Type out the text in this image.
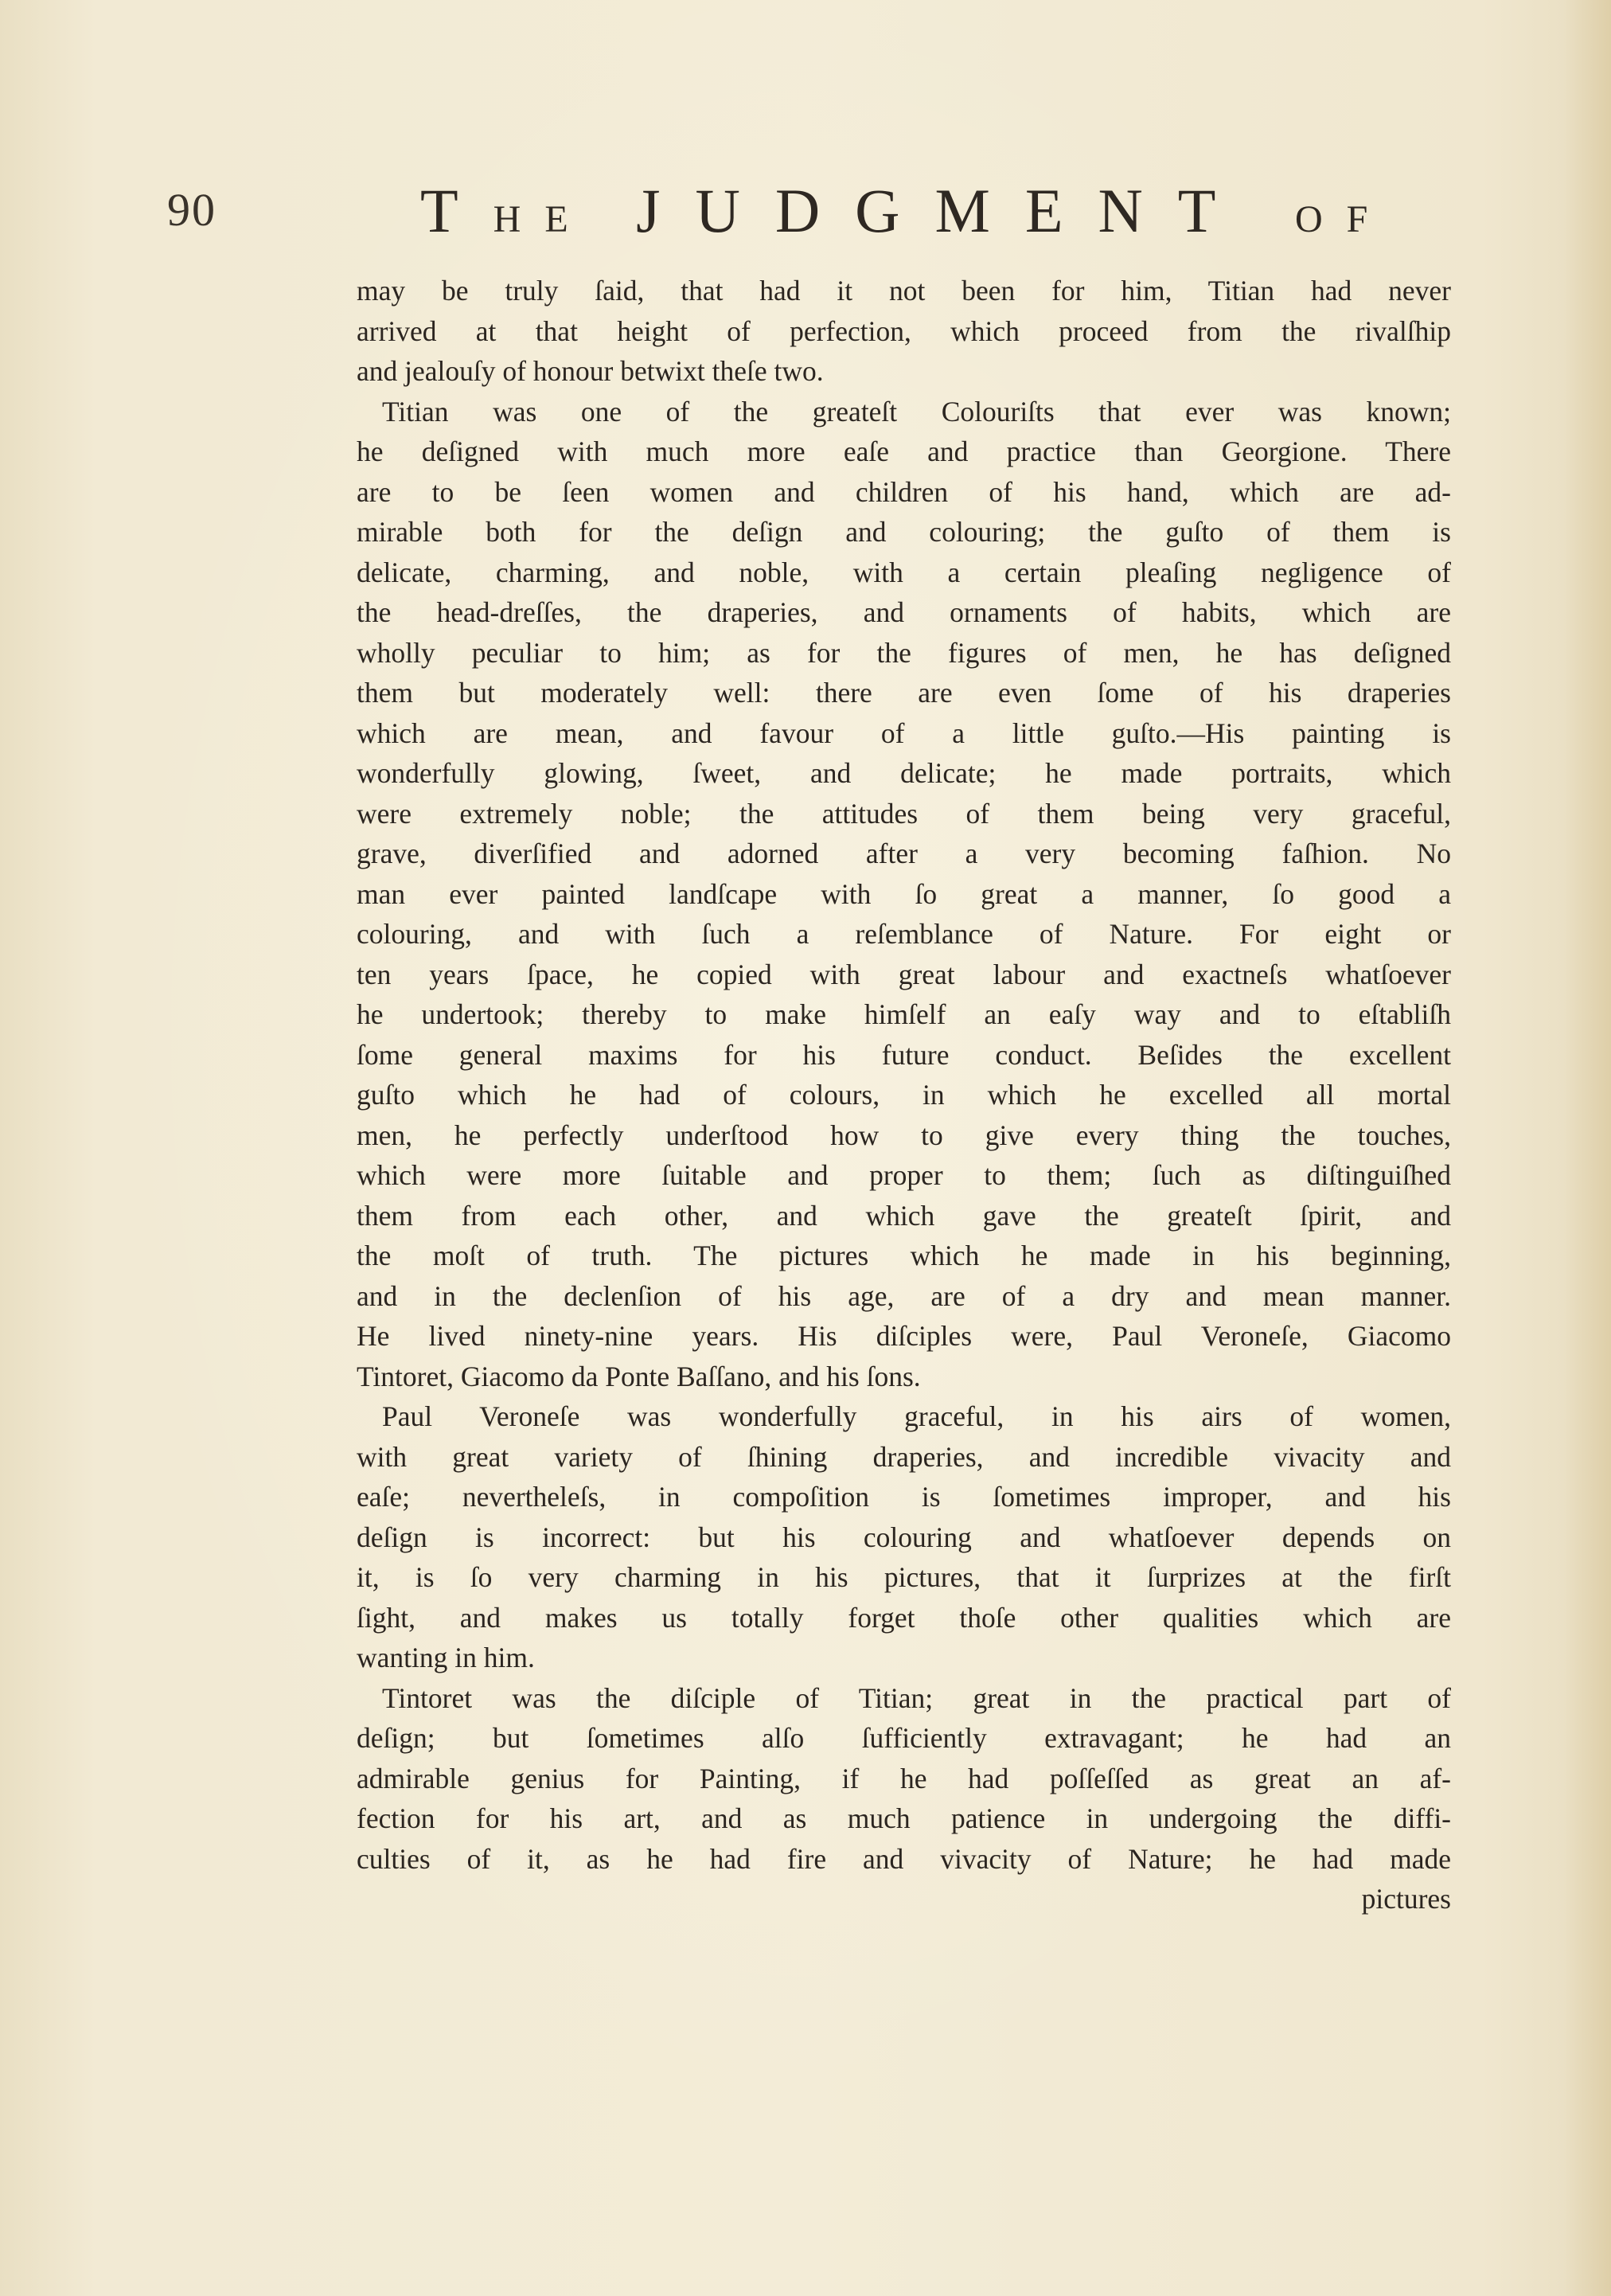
90	THE JUDGMENT OF
may be truly ſaid, that had it not been for him, Titian had never
arrived at that height of perfection, which proceed from the rivalſhip
and jealouſy of honour betwixt theſe two.
Titian was one of the greateſt Colouriſts that ever was known;
he deſigned with much more eaſe and practice than Georgione. There
are to be ſeen women and children of his hand, which are ad-
mirable both for the deſign and colouring; the guſto of them is
delicate, charming, and noble, with a certain pleaſing negligence of
the head-dreſſes, the draperies, and ornaments of habits, which are
wholly peculiar to him; as for the figures of men, he has deſigned
them but moderately well: there are even ſome of his draperies
which are mean, and favour of a little guſto.—His painting is
wonderfully glowing, ſweet, and delicate; he made portraits, which
were extremely noble; the attitudes of them being very graceful,
grave, diverſified and adorned after a very becoming faſhion. No
man ever painted landſcape with ſo great a manner, ſo good a
colouring, and with ſuch a reſemblance of Nature. For eight or
ten years ſpace, he copied with great labour and exactneſs whatſoever
he undertook; thereby to make himſelf an eaſy way and to eſtabliſh
ſome general maxims for his future conduct. Beſides the excellent
guſto which he had of colours, in which he excelled all mortal
men, he perfectly underſtood how to give every thing the touches,
which were more ſuitable and proper to them; ſuch as diſtinguiſhed
them from each other, and which gave the greateſt ſpirit, and
the moſt of truth. The pictures which he made in his beginning,
and in the declenſion of his age, are of a dry and mean manner.
He lived ninety-nine years. His diſciples were, Paul Veroneſe, Giacomo
Tintoret, Giacomo da Ponte Baſſano, and his ſons.
Paul Veroneſe was wonderfully graceful, in his airs of women,
with great variety of ſhining draperies, and incredible vivacity and
eaſe; nevertheleſs, in compoſition is ſometimes improper, and his
deſign is incorrect: but his colouring and whatſoever depends on
it, is ſo very charming in his pictures, that it ſurprizes at the firſt
ſight, and makes us totally forget thoſe other qualities which are
wanting in him.
Tintoret was the diſciple of Titian; great in the practical part of
deſign; but ſometimes alſo ſufficiently extravagant; he had an
admirable genius for Painting, if he had poſſeſſed as great an af-
fection for his art, and as much patience in undergoing the diffi-
culties of it, as he had fire and vivacity of Nature; he had made
pictures
